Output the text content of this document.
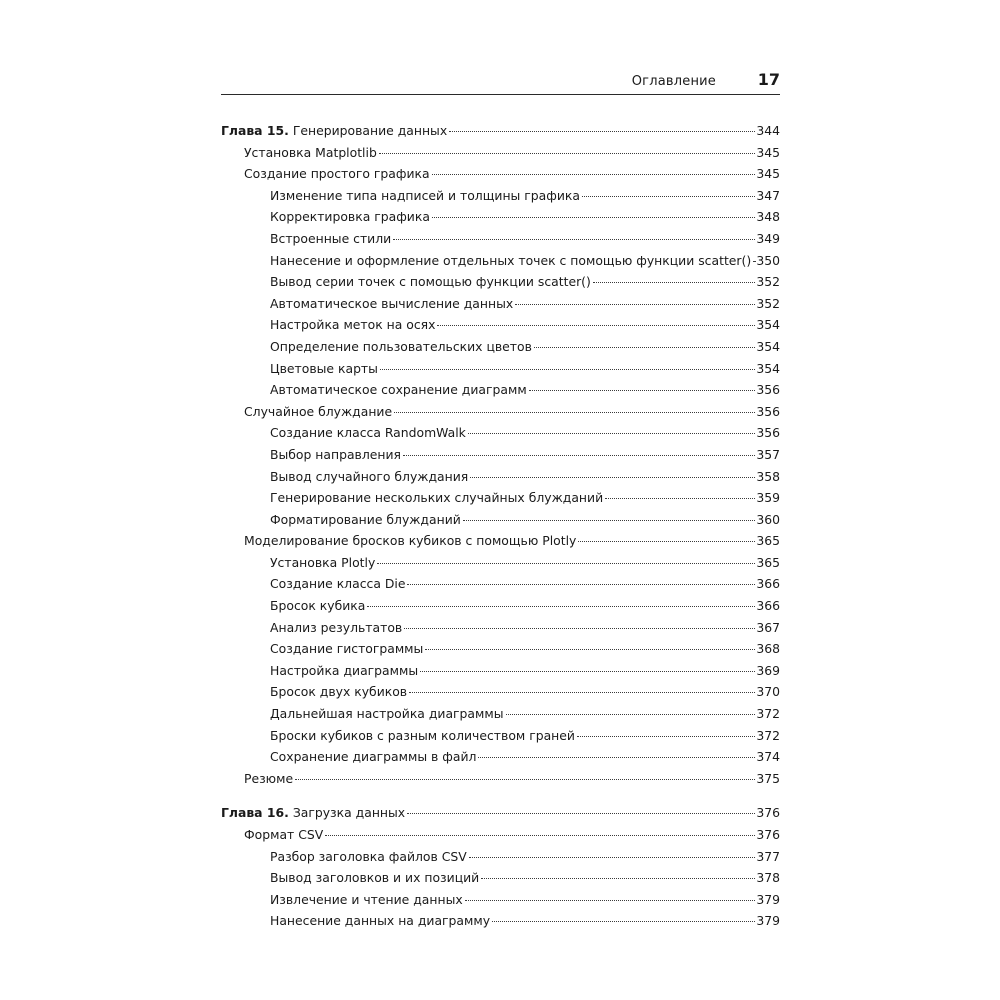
Оглавление	17
Глава 15. Генерирование данных	344
Установка Matplotlib	345
Создание простого графика	345
Изменение типа надписей и толщины графика	347
Корректировка графика	348
Встроенные стили	349
Нанесение и оформление отдельных точек с помощью функции scatter() 350
Вывод серии точек с помощью функции scatter()	352
Автоматическое вычисление данных	352
Настройка меток на осях	354
Определение пользовательских цветов	354
Цветовые карты	354
Автоматическое сохранение диаграмм	356
Случайное блуждание	356
Создание класса RandomWalk	356
Выбор направления	357
Вывод случайного блуждания	358
Генерирование нескольких случайных блужданий	359
Форматирование блужданий	360
Моделирование бросков кубиков с помощью Plotly	365
Установка Plotly	365
Создание класса Die	366
Бросок кубика	366
Анализ результатов	367
Создание гистограммы	368
Настройка диаграммы	369
Бросок двух кубиков	370
Дальнейшая настройка диаграммы	372
Броски кубиков с разным количеством граней	372
Сохранение диаграммы в файл	374
Резюме	375
Глава 16. Загрузка данных	376
Формат CSV	376
Разбор заголовка файлов CSV	377
Вывод заголовков и их позиций	378
Извлечение и чтение данных	379
Нанесение данных на диаграмму	379
